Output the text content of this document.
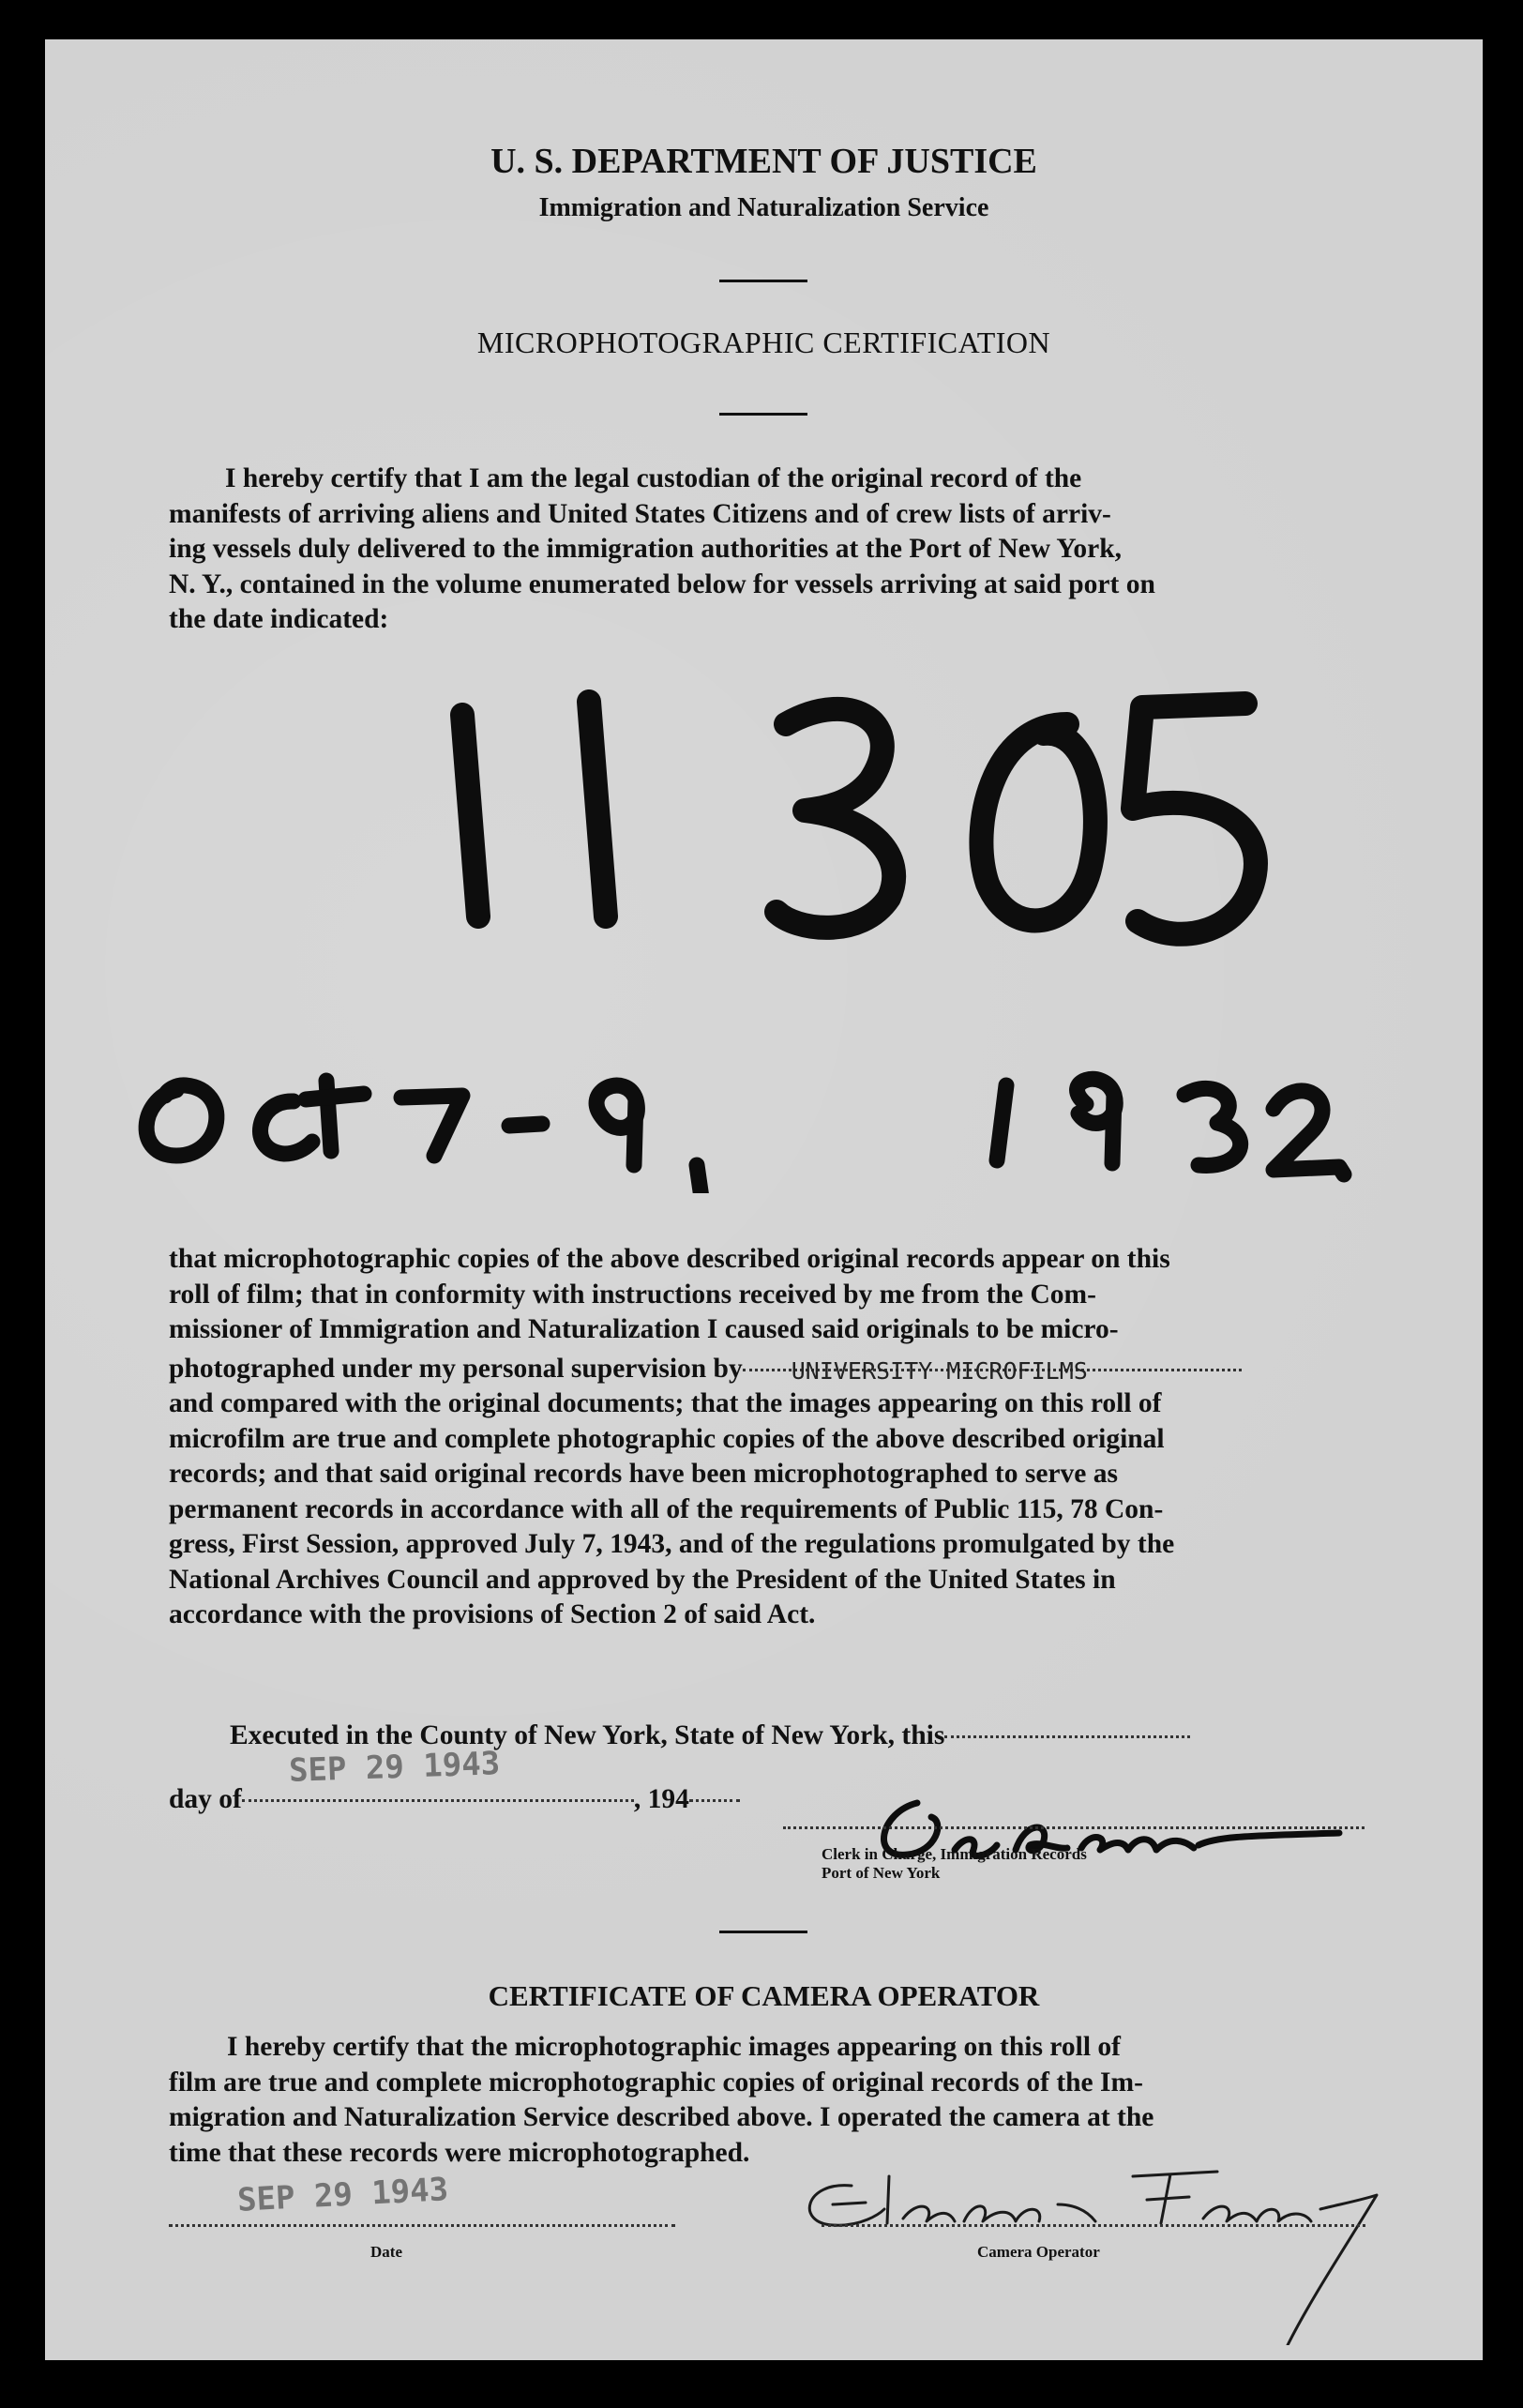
U. S. DEPARTMENT OF JUSTICE
Immigration and Naturalization Service
MICROPHOTOGRAPHIC CERTIFICATION
I hereby certify that I am the legal custodian of the original record of the
manifests of arriving aliens and United States Citizens and of crew lists of arriv-
ing vessels duly delivered to the immigration authorities at the Port of New York,
N. Y., contained in the volume enumerated below for vessels arriving at said port on
the date indicated:
that microphotographic copies of the above described original records appear on this
roll of film; that in conformity with instructions received by me from the Com-
missioner of Immigration and Naturalization I caused said originals to be micro-
photographed under my personal supervision by UNIVERSITY MICROFILMS
and compared with the original documents; that the images appearing on this roll of
microfilm are true and complete photographic copies of the above described original
records; and that said original records have been microphotographed to serve as
permanent records in accordance with all of the requirements of Public 115, 78 Con-
gress, First Session, approved July 7, 1943, and of the regulations promulgated by the
National Archives Council and approved by the President of the United States in
accordance with the provisions of Section 2 of said Act.
Executed in the County of New York, State of New York, this
day of	, 194
SEP 29 1943
Clerk in Charge, Immigration Records
Port of New York
CERTIFICATE OF CAMERA OPERATOR
I hereby certify that the microphotographic images appearing on this roll of
film are true and complete microphotographic copies of original records of the Im-
migration and Naturalization Service described above. I operated the camera at the
time that these records were microphotographed.
SEP 29 1943
Date	Camera Operator
